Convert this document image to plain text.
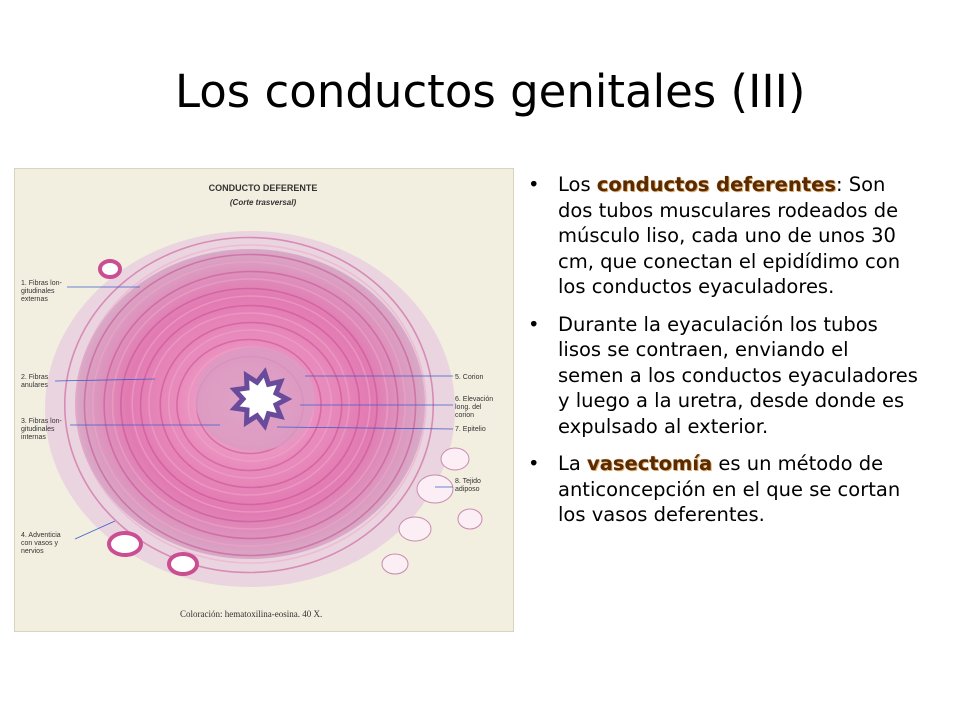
Los conductos genitales (III)
CONDUCTO DEFERENTE
(Corte trasversal)
Coloración: hematoxilina-eosina. 40 X.
1. Fibras lon-gitudinales externas
2. Fibras anulares
3. Fibras lon-gitudinales internas
4. Adventicia con vasos y nervios
5. Corion
6. Elevación long. del corion
7. Epitelio
8. Tejido adiposo
• Los conductos deferentes: Son dos tubos musculares rodeados de músculo liso, cada uno de unos 30 cm, que conectan el epidídimo con los conductos eyaculadores.
• Durante la eyaculación los tubos lisos se contraen, enviando el semen a los conductos eyaculadores y luego a la uretra, desde donde es expulsado al exterior.
• La vasectomía es un método de anticoncepción en el que se cortan los vasos deferentes.
